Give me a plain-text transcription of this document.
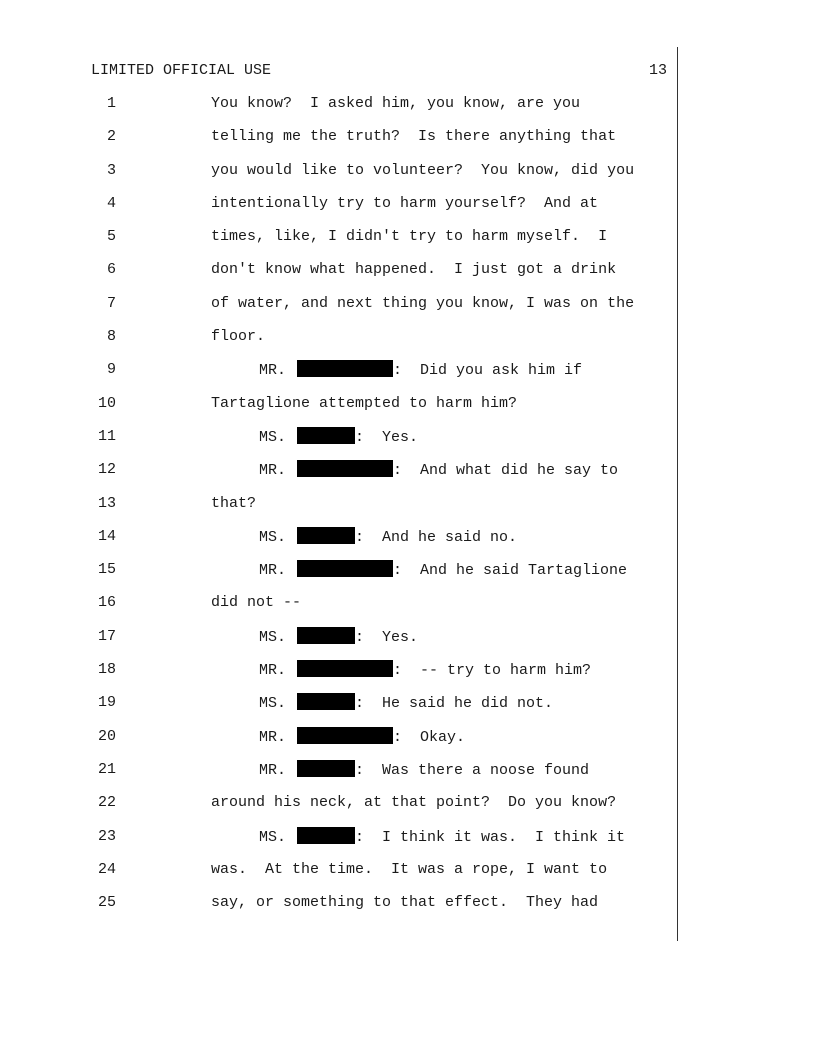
LIMITED OFFICIAL USE	13
1	You know?  I asked him, you know, are you
2	telling me the truth?  Is there anything that
3	you would like to volunteer?  You know, did you
4	intentionally try to harm yourself?  And at
5	times, like, I didn't try to harm myself.  I
6	don't know what happened.  I just got a drink
7	of water, and next thing you know, I was on the
8	floor.
9	MR.	:  Did you ask him if
10	Tartaglione attempted to harm him?
11	MS.	:  Yes.
12	MR.	:  And what did he say to
13	that?
14	MS.	:  And he said no.
15	MR.	:  And he said Tartaglione
16	did not --
17	MS.	:  Yes.
18	MR.	:  -- try to harm him?
19	MS.	:  He said he did not.
20	MR.	:  Okay.
21	MR.	:  Was there a noose found
22	around his neck, at that point?  Do you know?
23	MS.	:  I think it was.  I think it
24	was.  At the time.  It was a rope, I want to
25	say, or something to that effect.  They had
